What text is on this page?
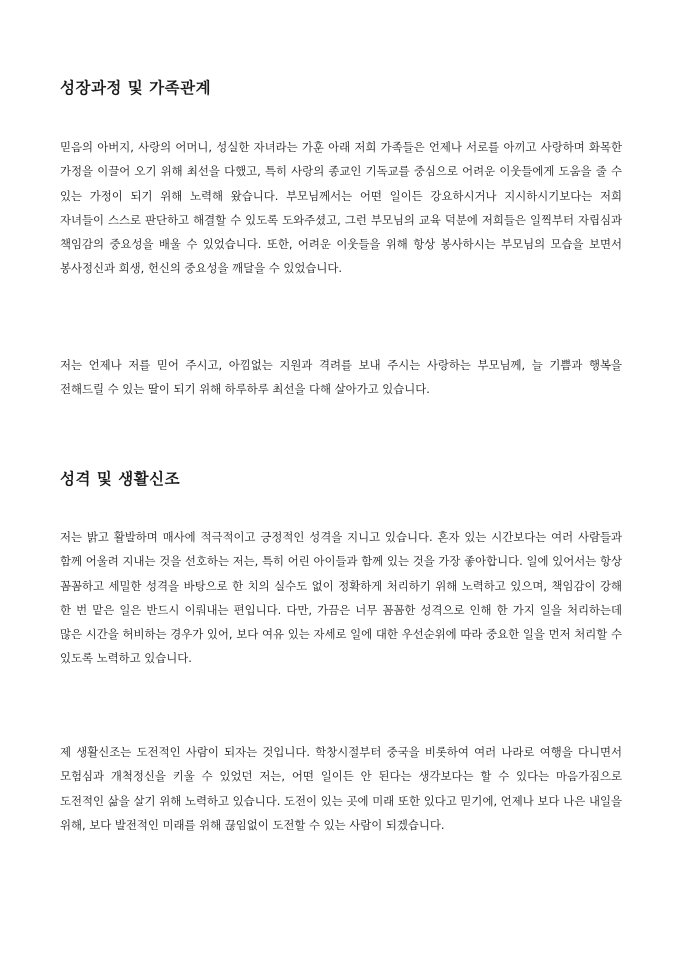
성장과정 및 가족관계

믿음의 아버지, 사랑의 어머니, 성실한 자녀라는 가훈 아래 저희 가족들은 언제나 서로를 아끼고 사랑하며 화목한 가정을 이끌어 오기 위해 최선을 다했고, 특히 사랑의 종교인 기독교를 중심으로 어려운 이웃들에게 도움을 줄 수 있는 가정이 되기 위해 노력해 왔습니다. 부모님께서는 어떤 일이든 강요하시거나 지시하시기보다는 저희 자녀들이 스스로 판단하고 해결할 수 있도록 도와주셨고, 그런 부모님의 교육 덕분에 저희들은 일찍부터 자립심과 책임감의 중요성을 배울 수 있었습니다. 또한, 어려운 이웃들을 위해 항상 봉사하시는 부모님의 모습을 보면서 봉사정신과 희생, 헌신의 중요성을 깨달을 수 있었습니다.

저는 언제나 저를 믿어 주시고, 아낌없는 지원과 격려를 보내 주시는 사랑하는 부모님께, 늘 기쁨과 행복을 전해드릴 수 있는 딸이 되기 위해 하루하루 최선을 다해 살아가고 있습니다.

성격 및 생활신조

저는 밝고 활발하며 매사에 적극적이고 긍정적인 성격을 지니고 있습니다. 혼자 있는 시간보다는 여러 사람들과 함께 어울려 지내는 것을 선호하는 저는, 특히 어린 아이들과 함께 있는 것을 가장 좋아합니다. 일에 있어서는 항상 꼼꼼하고 세밀한 성격을 바탕으로 한 치의 실수도 없이 정확하게 처리하기 위해 노력하고 있으며, 책임감이 강해 한 번 맡은 일은 반드시 이뤄내는 편입니다. 다만, 가끔은 너무 꼼꼼한 성격으로 인해 한 가지 일을 처리하는데 많은 시간을 허비하는 경우가 있어, 보다 여유 있는 자세로 일에 대한 우선순위에 따라 중요한 일을 먼저 처리할 수 있도록 노력하고 있습니다.

제 생활신조는 도전적인 사람이 되자는 것입니다. 학창시절부터 중국을 비롯하여 여러 나라로 여행을 다니면서 모험심과 개척정신을 키울 수 있었던 저는, 어떤 일이든 안 된다는 생각보다는 할 수 있다는 마음가짐으로 도전적인 삶을 살기 위해 노력하고 있습니다. 도전이 있는 곳에 미래 또한 있다고 믿기에, 언제나 보다 나은 내일을 위해, 보다 발전적인 미래를 위해 끊임없이 도전할 수 있는 사람이 되겠습니다.
